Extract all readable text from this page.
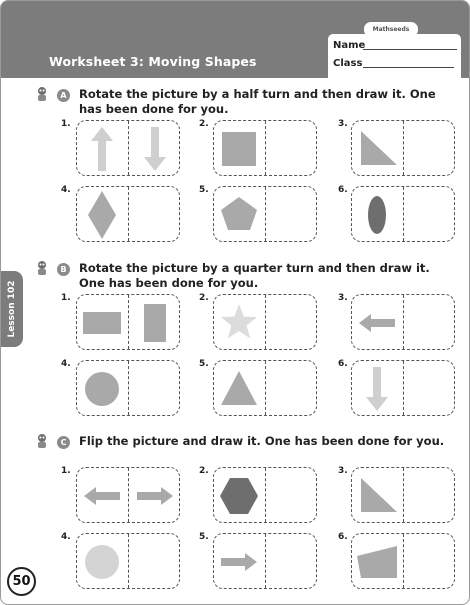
Worksheet 3: Moving Shapes
Mathseeds
Name
Class
Lesson 102
A Rotate the picture by a half turn and then draw it. One has been done for you.
1.	2.	3.
4.	5.	6.
B	Rotate the picture by a quarter turn and then draw it. One has been done for you.
1.	2.	3.
4.	5.	6.
C	Flip the picture and draw it. One has been done for you.
1.	2.	3.
4.	5.	6.
50
